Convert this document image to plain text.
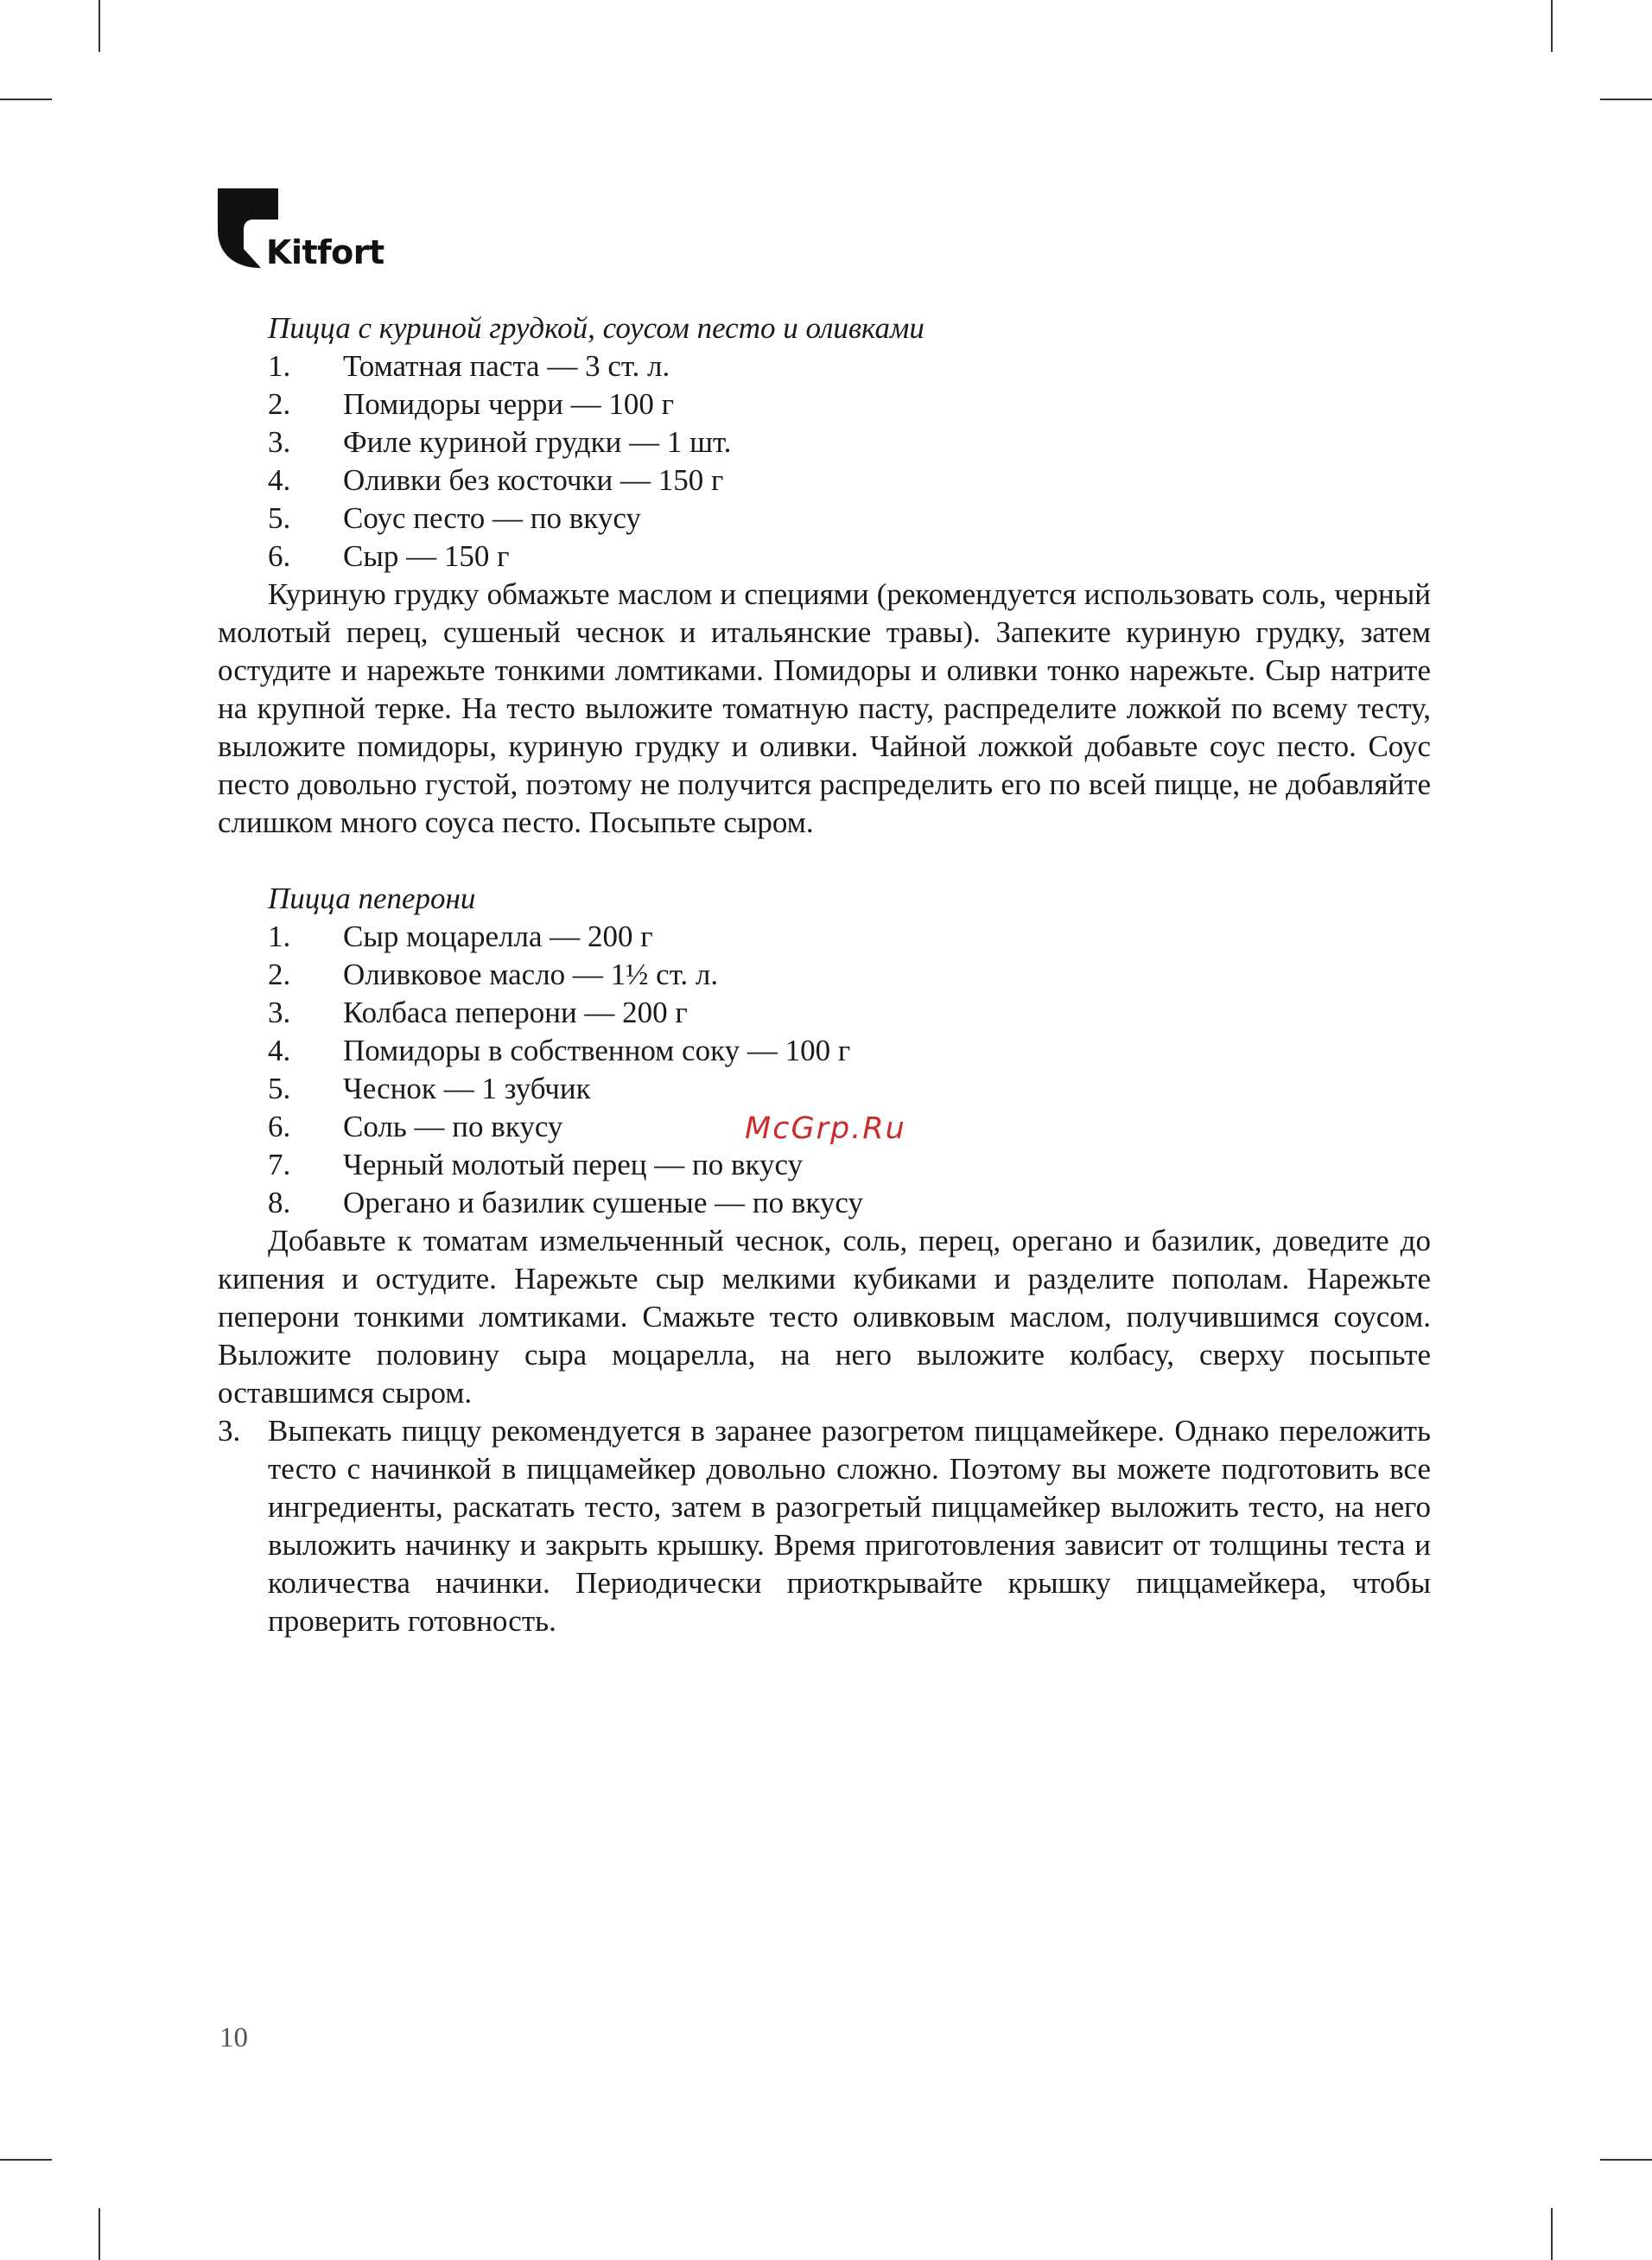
Kitfort
Пицца с куриной грудкой, соусом песто и оливками
1. Томатная паста — 3 ст. л.
2. Помидоры черри — 100 г
3. Филе куриной грудки — 1 шт.
4. Оливки без косточки — 150 г
5. Соус песто — по вкусу
6. Сыр — 150 г

Куриную грудку обмажьте маслом и специями (рекомендуется использовать соль, черный молотый перец, сушеный чеснок и итальянские травы). Запеките куриную грудку, затем остудите и нарежьте тонкими ломтиками. Помидоры и оливки тонко нарежьте. Сыр натрите на крупной терке. На тесто выложите томатную пасту, распределите ложкой по всему тесту, выложите помидоры, куриную грудку и оливки. Чайной ложкой добавьте соус песто. Соус песто довольно густой, поэтому не получится распределить его по всей пицце, не добавляйте слишком много соуса песто. Посыпьте сыром.

Пицца пеперони
1. Сыр моцарелла — 200 г
2. Оливковое масло — 1½ ст. л.
3. Колбаса пеперони — 200 г
4. Помидоры в собственном соку — 100 г
5. Чеснок — 1 зубчик
6. Соль — по вкусу
7. Черный молотый перец — по вкусу
8. Орегано и базилик сушеные — по вкусу

Добавьте к томатам измельченный чеснок, соль, перец, орегано и базилик, доведите до кипения и остудите. Нарежьте сыр мелкими кубиками и разделите пополам. Нарежьте пеперони тонкими ломтиками. Смажьте тесто оливковым маслом, получившимся соусом. Выложите половину сыра моцарелла, на него выложите колбасу, сверху посыпьте оставшимся сыром.

3. Выпекать пиццу рекомендуется в заранее разогретом пиццамейкере. Однако переложить тесто с начинкой в пиццамейкер довольно сложно. Поэтому вы можете подготовить все ингредиенты, раскатать тесто, затем в разогретый пиццамейкер выложить тесто, на него выложить начинку и закрыть крышку. Время приготовления зависит от толщины теста и количества начинки. Периодически приоткрывайте крышку пиццамейкера, чтобы проверить готовность.

McGrp.Ru
10
